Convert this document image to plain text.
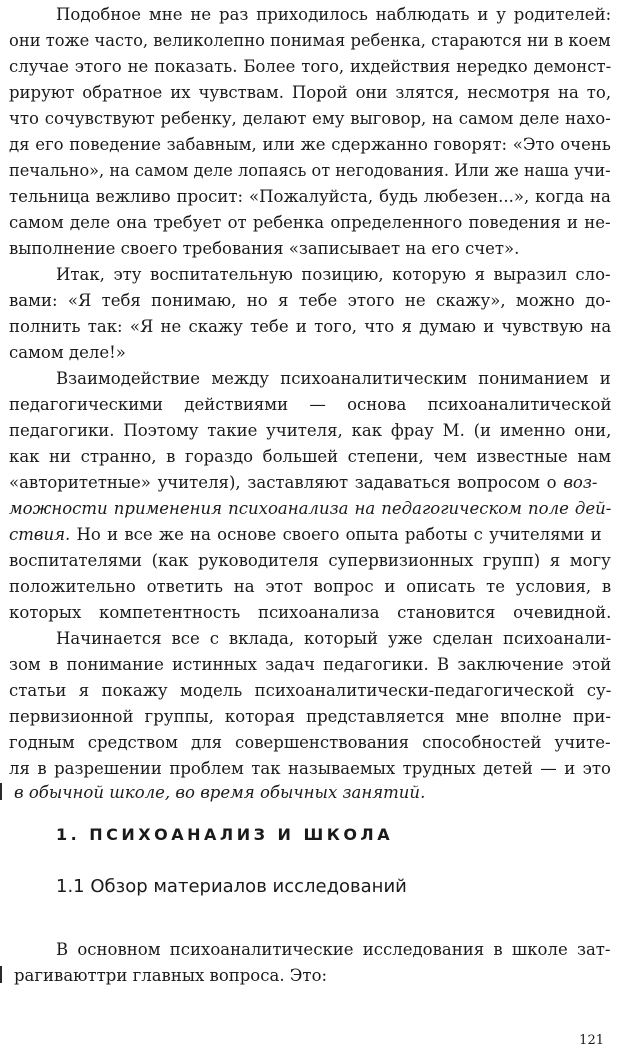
Подобное мне не раз приходилось наблюдать и у родителей:
они тоже часто, великолепно понимая ребенка, стараются ни в коем
случае этого не показать. Более того, ихдействия нередко демонст-
рируют обратное их чувствам. Порой они злятся, несмотря на то,
что сочувствуют ребенку, делают ему выговор, на самом деле нахо-
дя его поведение забавным, или же сдержанно говорят: «Это очень
печально», на самом деле лопаясь от негодования. Или же наша учи-
тельница вежливо просит: «Пожалуйста, будь любезен...», когда на
самом деле она требует от ребенка определенного поведения и не-
выполнение своего требования «записывает на его счет».
Итак, эту воспитательную позицию, которую я выразил сло-
вами: «Я тебя понимаю, но я тебе этого не скажу», можно до-
полнить так: «Я не скажу тебе и того, что я думаю и чувствую на
самом деле!»
Взаимодействие между психоаналитическим пониманием и
педагогическими действиями — основа психоаналитической
педагогики. Поэтому такие учителя, как фрау М. (и именно они,
как ни странно, в гораздо большей степени, чем известные нам
«авторитетные» учителя), заставляют задаваться вопросом о воз-
можности применения психоанализа на педагогическом поле дей-
ствия. Но и все же на основе своего опыта работы с учителями и
воспитателями (как руководителя супервизионных групп) я могу
положительно ответить на этот вопрос и описать те условия, в
которых компетентность психоанализа становится очевидной.
Начинается все с вклада, который уже сделан психоанали-
зом в понимание истинных задач педагогики. В заключение этой
статьи я покажу модель психоаналитически-педагогической су-
первизионной группы, которая представляется мне вполне при-
годным средством для совершенствования способностей учите-
ля в разрешении проблем так называемых трудных детей — и это
в обычной школе, во время обычных занятий.
1. ПСИХОАНАЛИЗ И ШКОЛА
1.1 Обзор материалов исследований
В основном психоаналитические исследования в школе зат-
рагиваюттри главных вопроса. Это:
121
